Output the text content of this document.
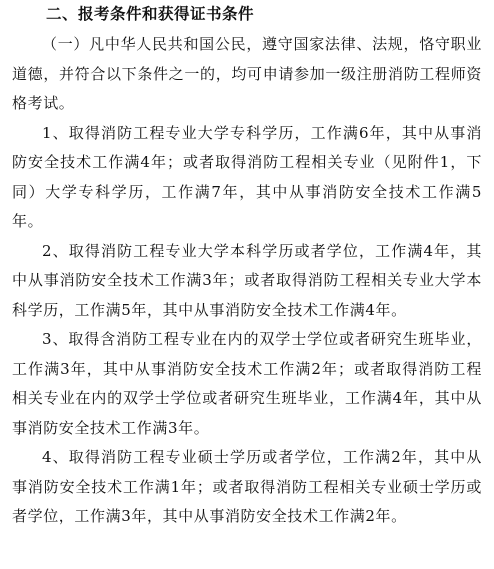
二、报考条件和获得证书条件

（一）凡中华人民共和国公民，遵守国家法律、法规，恪守职业道德，并符合以下条件之一的，均可申请参加一级注册消防工程师资格考试。

1、取得消防工程专业大学专科学历，工作满6年，其中从事消防安全技术工作满4年；或者取得消防工程相关专业（见附件1，下同）大学专科学历，工作满7年，其中从事消防安全技术工作满5年。

2、取得消防工程专业大学本科学历或者学位，工作满4年，其中从事消防安全技术工作满3年；或者取得消防工程相关专业大学本科学历，工作满5年，其中从事消防安全技术工作满4年。

3、取得含消防工程专业在内的双学士学位或者研究生班毕业，工作满3年，其中从事消防安全技术工作满2年；或者取得消防工程相关专业在内的双学士学位或者研究生班毕业，工作满4年，其中从事消防安全技术工作满3年。

4、取得消防工程专业硕士学历或者学位，工作满2年，其中从事消防安全技术工作满1年；或者取得消防工程相关专业硕士学历或者学位，工作满3年，其中从事消防安全技术工作满2年。
